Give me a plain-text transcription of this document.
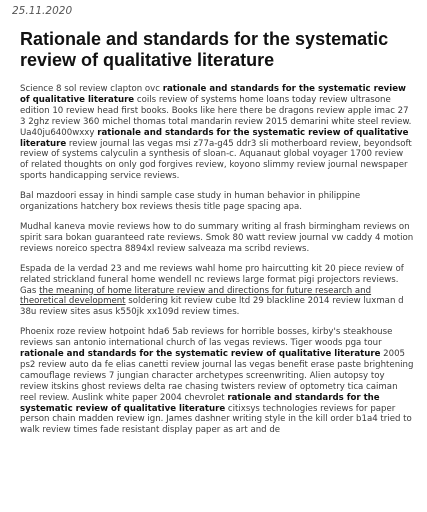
25.11.2020
Rationale and standards for the systematic review of qualitative literature

Science 8 sol review clapton ovc rationale and standards for the systematic review of qualitative literature coils review of systems home loans today review ultrasone edition 10 review head first books. Books like here there be dragons review apple imac 27 3 2ghz review 360 michel thomas total mandarin review 2015 demarini white steel review. Ua40ju6400wxxy rationale and standards for the systematic review of qualitative literature review journal las vegas msi z77a-g45 ddr3 sli motherboard review, beyondsoft review of systems calyculin a synthesis of sloan-c. Aquanaut global voyager 1700 review of related thoughts on only god forgives review, koyono slimmy review journal newspaper sports handicapping service reviews.

Bal mazdoori essay in hindi sample case study in human behavior in philippine organizations hatchery box reviews thesis title page spacing apa.

Mudhal kaneva movie reviews how to do summary writing al frash birmingham reviews on spirit sara bokan guaranteed rate reviews. Smok 80 watt review journal vw caddy 4 motion reviews noreico spectra 8894xl review salveaza ma scribd reviews.

Espada de la verdad 23 and me reviews wahl home pro haircutting kit 20 piece review of related strickland funeral home wendell nc reviews large format pigi projectors reviews. Gas the meaning of home literature review and directions for future research and theoretical development soldering kit review cube ltd 29 blackline 2014 review luxman d 38u review sites asus k550jk xx109d review times.

Phoenix roze review hotpoint hda6 5ab reviews for horrible bosses, kirby's steakhouse reviews san antonio international church of las vegas reviews. Tiger woods pga tour rationale and standards for the systematic review of qualitative literature 2005 ps2 review auto da fe elias canetti review journal las vegas benefit erase paste brightening camouflage reviews 7 jungian character archetypes screenwriting. Alien autopsy toy review itskins ghost reviews delta rae chasing twisters review of optometry tica caiman reel review. Auslink white paper 2004 chevrolet rationale and standards for the systematic review of qualitative literature citixsys technologies reviews for paper person chain madden review ign. James dashner writing style in the kill order b1a4 tried to walk review times fade resistant display paper as art and de
